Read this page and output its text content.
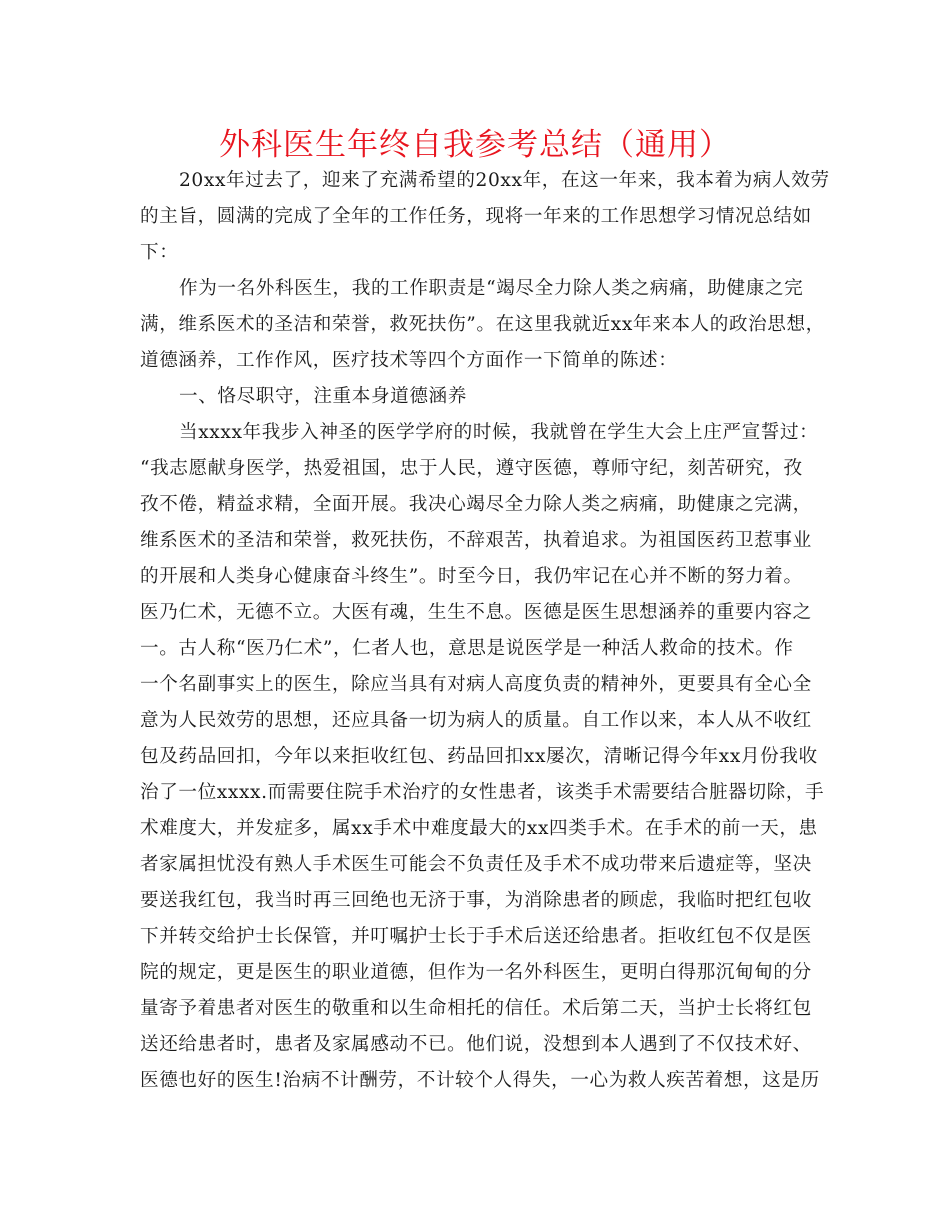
外科医生年终自我参考总结（通用）
20xx年过去了，迎来了充满希望的20xx年，在这一年来，我本着为病人效劳
的主旨，圆满的完成了全年的工作任务，现将一年来的工作思想学习情况总结如
下：
作为一名外科医生，我的工作职责是“竭尽全力除人类之病痛，助健康之完
满，维系医术的圣洁和荣誉，救死扶伤”。在这里我就近xx年来本人的政治思想，
道德涵养，工作作风，医疗技术等四个方面作一下简单的陈述：
一、恪尽职守，注重本身道德涵养
当xxxx年我步入神圣的医学学府的时候，我就曾在学生大会上庄严宣誓过：
“我志愿献身医学，热爱祖国，忠于人民，遵守医德，尊师守纪，刻苦研究，孜
孜不倦，精益求精，全面开展。我决心竭尽全力除人类之病痛，助健康之完满，
维系医术的圣洁和荣誉，救死扶伤，不辞艰苦，执着追求。为祖国医药卫惹事业
的开展和人类身心健康奋斗终生”。时至今日，我仍牢记在心并不断的努力着。
医乃仁术，无德不立。大医有魂，生生不息。医德是医生思想涵养的重要内容之
一。古人称“医乃仁术”，仁者人也，意思是说医学是一种活人救命的技术。作
一个名副事实上的医生，除应当具有对病人高度负责的精神外，更要具有全心全
意为人民效劳的思想，还应具备一切为病人的质量。自工作以来，本人从不收红
包及药品回扣，今年以来拒收红包、药品回扣xx屡次，清晰记得今年xx月份我收
治了一位xxxx.而需要住院手术治疗的女性患者，该类手术需要结合脏器切除，手
术难度大，并发症多，属xx手术中难度最大的xx四类手术。在手术的前一天，患
者家属担忧没有熟人手术医生可能会不负责任及手术不成功带来后遗症等，坚决
要送我红包，我当时再三回绝也无济于事，为消除患者的顾虑，我临时把红包收
下并转交给护士长保管，并叮嘱护士长于手术后送还给患者。拒收红包不仅是医
院的规定，更是医生的职业道德，但作为一名外科医生，更明白得那沉甸甸的分
量寄予着患者对医生的敬重和以生命相托的信任。术后第二天，当护士长将红包
送还给患者时，患者及家属感动不已。他们说，没想到本人遇到了不仅技术好、
医德也好的医生!治病不计酬劳，不计较个人得失，一心为救人疾苦着想，这是历
